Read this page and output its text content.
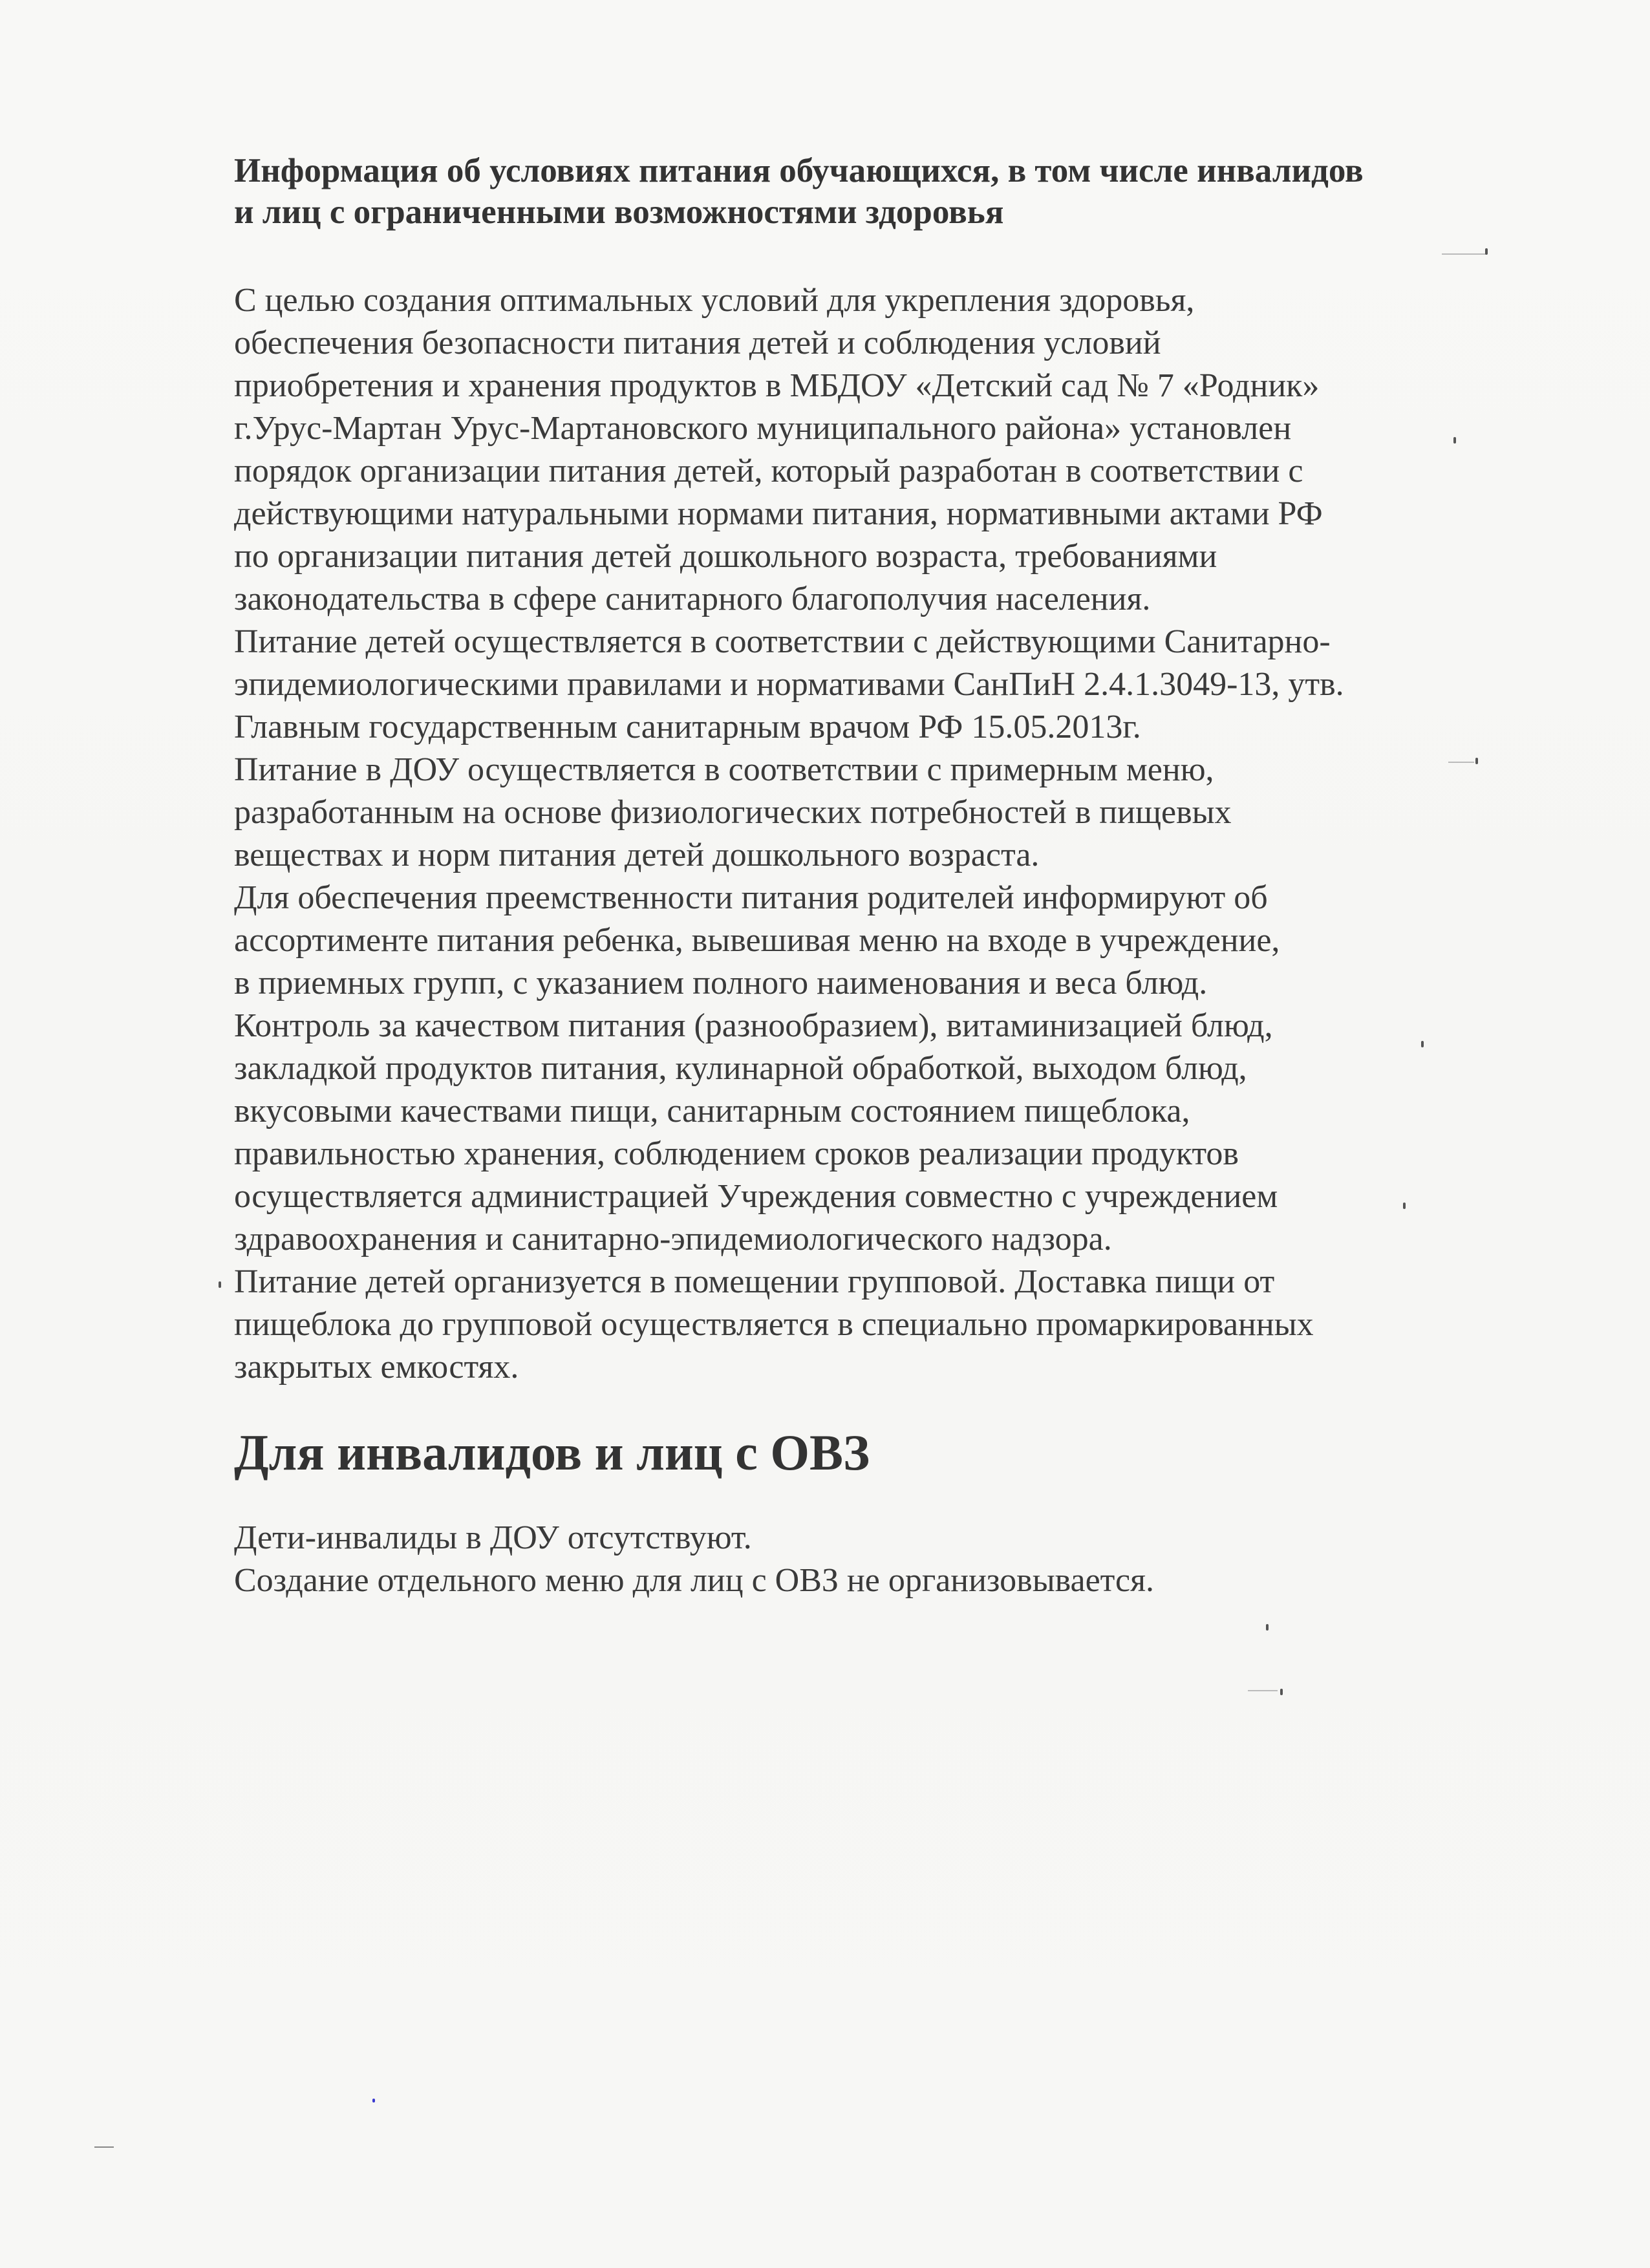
Информация об условиях питания обучающихся, в том числе инвалидов
и лиц с ограниченными возможностями здоровья
С целью создания оптимальных условий для укрепления здоровья,
обеспечения безопасности питания детей и соблюдения условий
приобретения и хранения продуктов в МБДОУ «Детский сад № 7 «Родник»
г.Урус-Мартан Урус-Мартановского муниципального района» установлен
порядок организации питания детей, который разработан в соответствии с
действующими натуральными нормами питания, нормативными актами РФ
по организации питания детей дошкольного возраста, требованиями
законодательства в сфере санитарного благополучия населения.
Питание детей осуществляется в соответствии с действующими Санитарно-
эпидемиологическими правилами и нормативами СанПиН 2.4.1.3049-13, утв.
Главным государственным санитарным врачом РФ 15.05.2013г.
Питание в ДОУ осуществляется в соответствии с примерным меню,
разработанным на основе физиологических потребностей в пищевых
веществах и норм питания детей дошкольного возраста.
Для обеспечения преемственности питания родителей информируют об
ассортименте питания ребенка, вывешивая меню на входе в учреждение,
в приемных групп, с указанием полного наименования и веса блюд.
Контроль за качеством питания (разнообразием), витаминизацией блюд,
закладкой продуктов питания, кулинарной обработкой, выходом блюд,
вкусовыми качествами пищи, санитарным состоянием пищеблока,
правильностью хранения, соблюдением сроков реализации продуктов
осуществляется администрацией Учреждения совместно с учреждением
здравоохранения и санитарно-эпидемиологического надзора.
Питание детей организуется в помещении групповой. Доставка пищи от
пищеблока до групповой осуществляется в специально промаркированных
закрытых емкостях.
Для инвалидов и лиц с ОВЗ
Дети-инвалиды в ДОУ отсутствуют.
Создание отдельного меню для лиц с ОВЗ не организовывается.
